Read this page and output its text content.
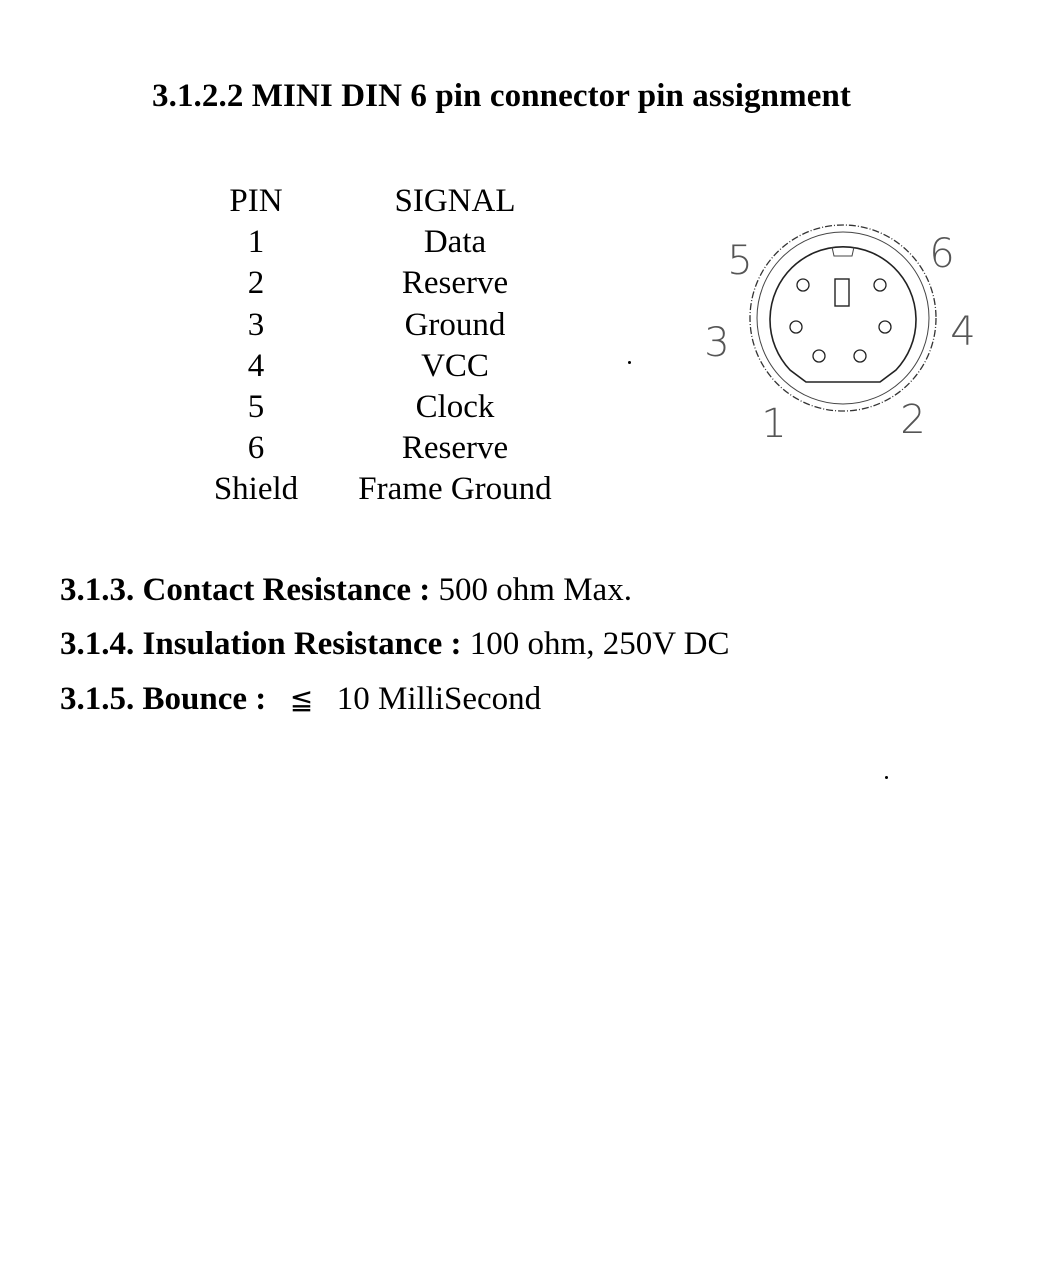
3.1.2.2 MINI DIN 6 pin connector pin assignment
PIN	SIGNAL
1	Data
2	Reserve
3	Ground
4	VCC
5	Clock
6	Reserve
Shield	Frame Ground
1	2
3	4
5	6
3.1.3. Contact Resistance : 500 ohm Max.
3.1.4. Insulation Resistance : 100 ohm, 250V DC
3.1.5. Bounce : ≦ 10 MilliSecond
